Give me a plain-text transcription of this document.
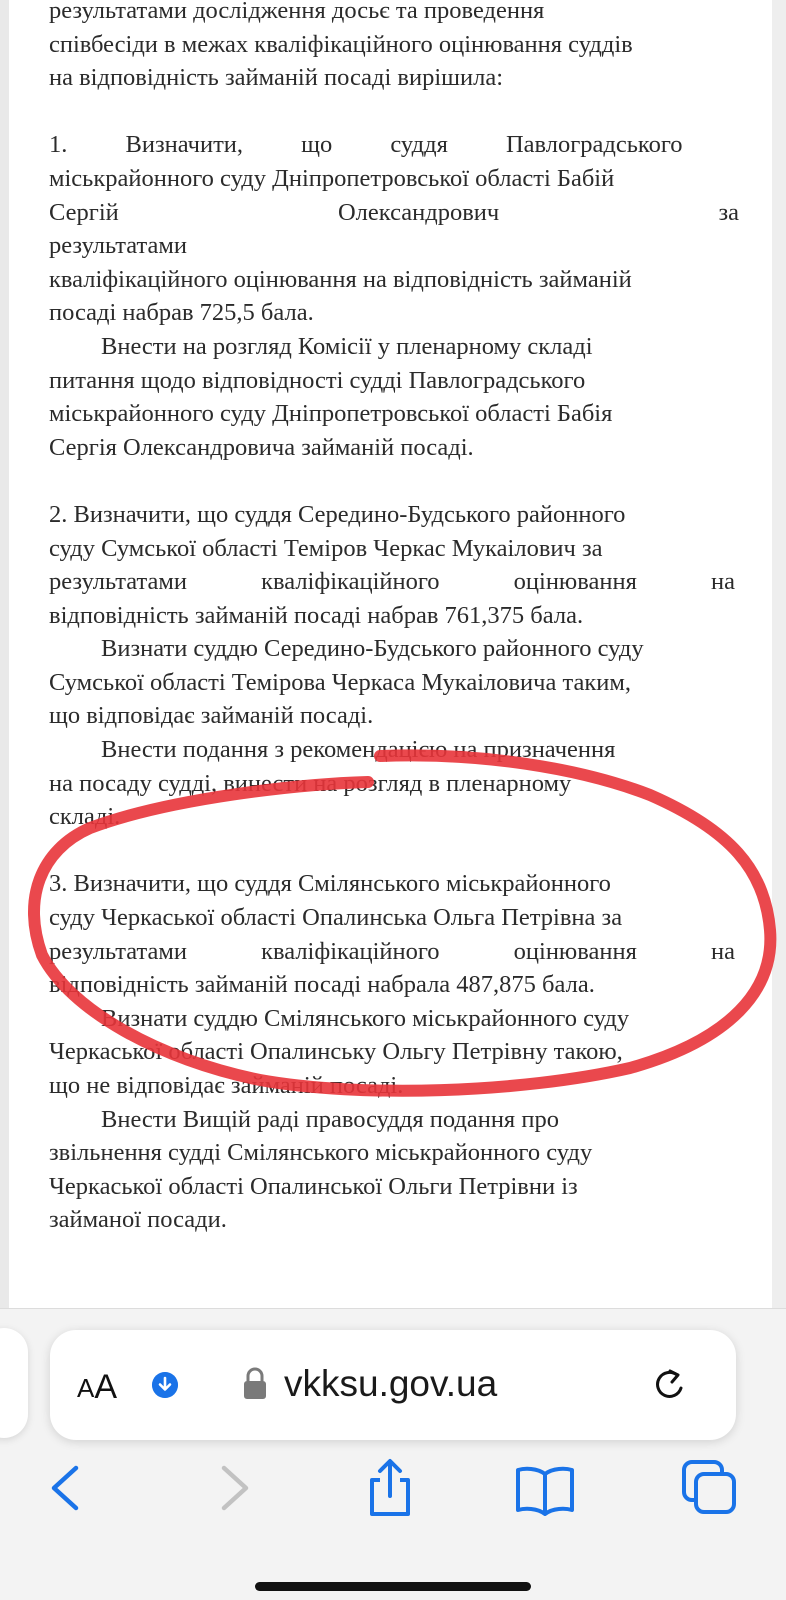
результатами дослідження досьє та проведення

співбесіди в межах кваліфікаційного оцінювання суддів

на відповідність займаній посаді вирішила:

1. Визначити, що суддя Павлоградського

міськрайонного суду Дніпропетровської області Бабій

Сергій Олександрович за результатами

кваліфікаційного оцінювання на відповідність займаній

посаді набрав 725,5 бала.

Внести на розгляд Комісії у пленарному складі

питання щодо відповідності судді Павлоградського

міськрайонного суду Дніпропетровської області Бабія

Сергія Олександровича займаній посаді.

2. Визначити, що суддя Середино-Будського районного

суду Сумської області Теміров Черкас Мукаілович за

результатами кваліфікаційного оцінювання на

відповідність займаній посаді набрав 761,375 бала.

Визнати суддю Середино-Будського районного суду

Сумської області Темірова Черкаса Мукаіловича таким,

що відповідає займаній посаді.

Внести подання з рекомендацією на призначення

на посаду судді, винести на розгляд в пленарному

складі.

3. Визначити, що суддя Смілянського міськрайонного

суду Черкаської області Опалинська Ольга Петрівна за

результатами кваліфікаційного оцінювання на

відповідність займаній посаді набрала 487,875 бала.

Визнати суддю Смілянського міськрайонного суду

Черкаської області Опалинську Ольгу Петрівну такою,

що не відповідає займаній посаді.

Внести Вищій раді правосуддя подання про

звільнення судді Смілянського міськрайонного суду

Черкаської області Опалинської Ольги Петрівни із

займаної посади.

A A	vkksu.gov.ua
